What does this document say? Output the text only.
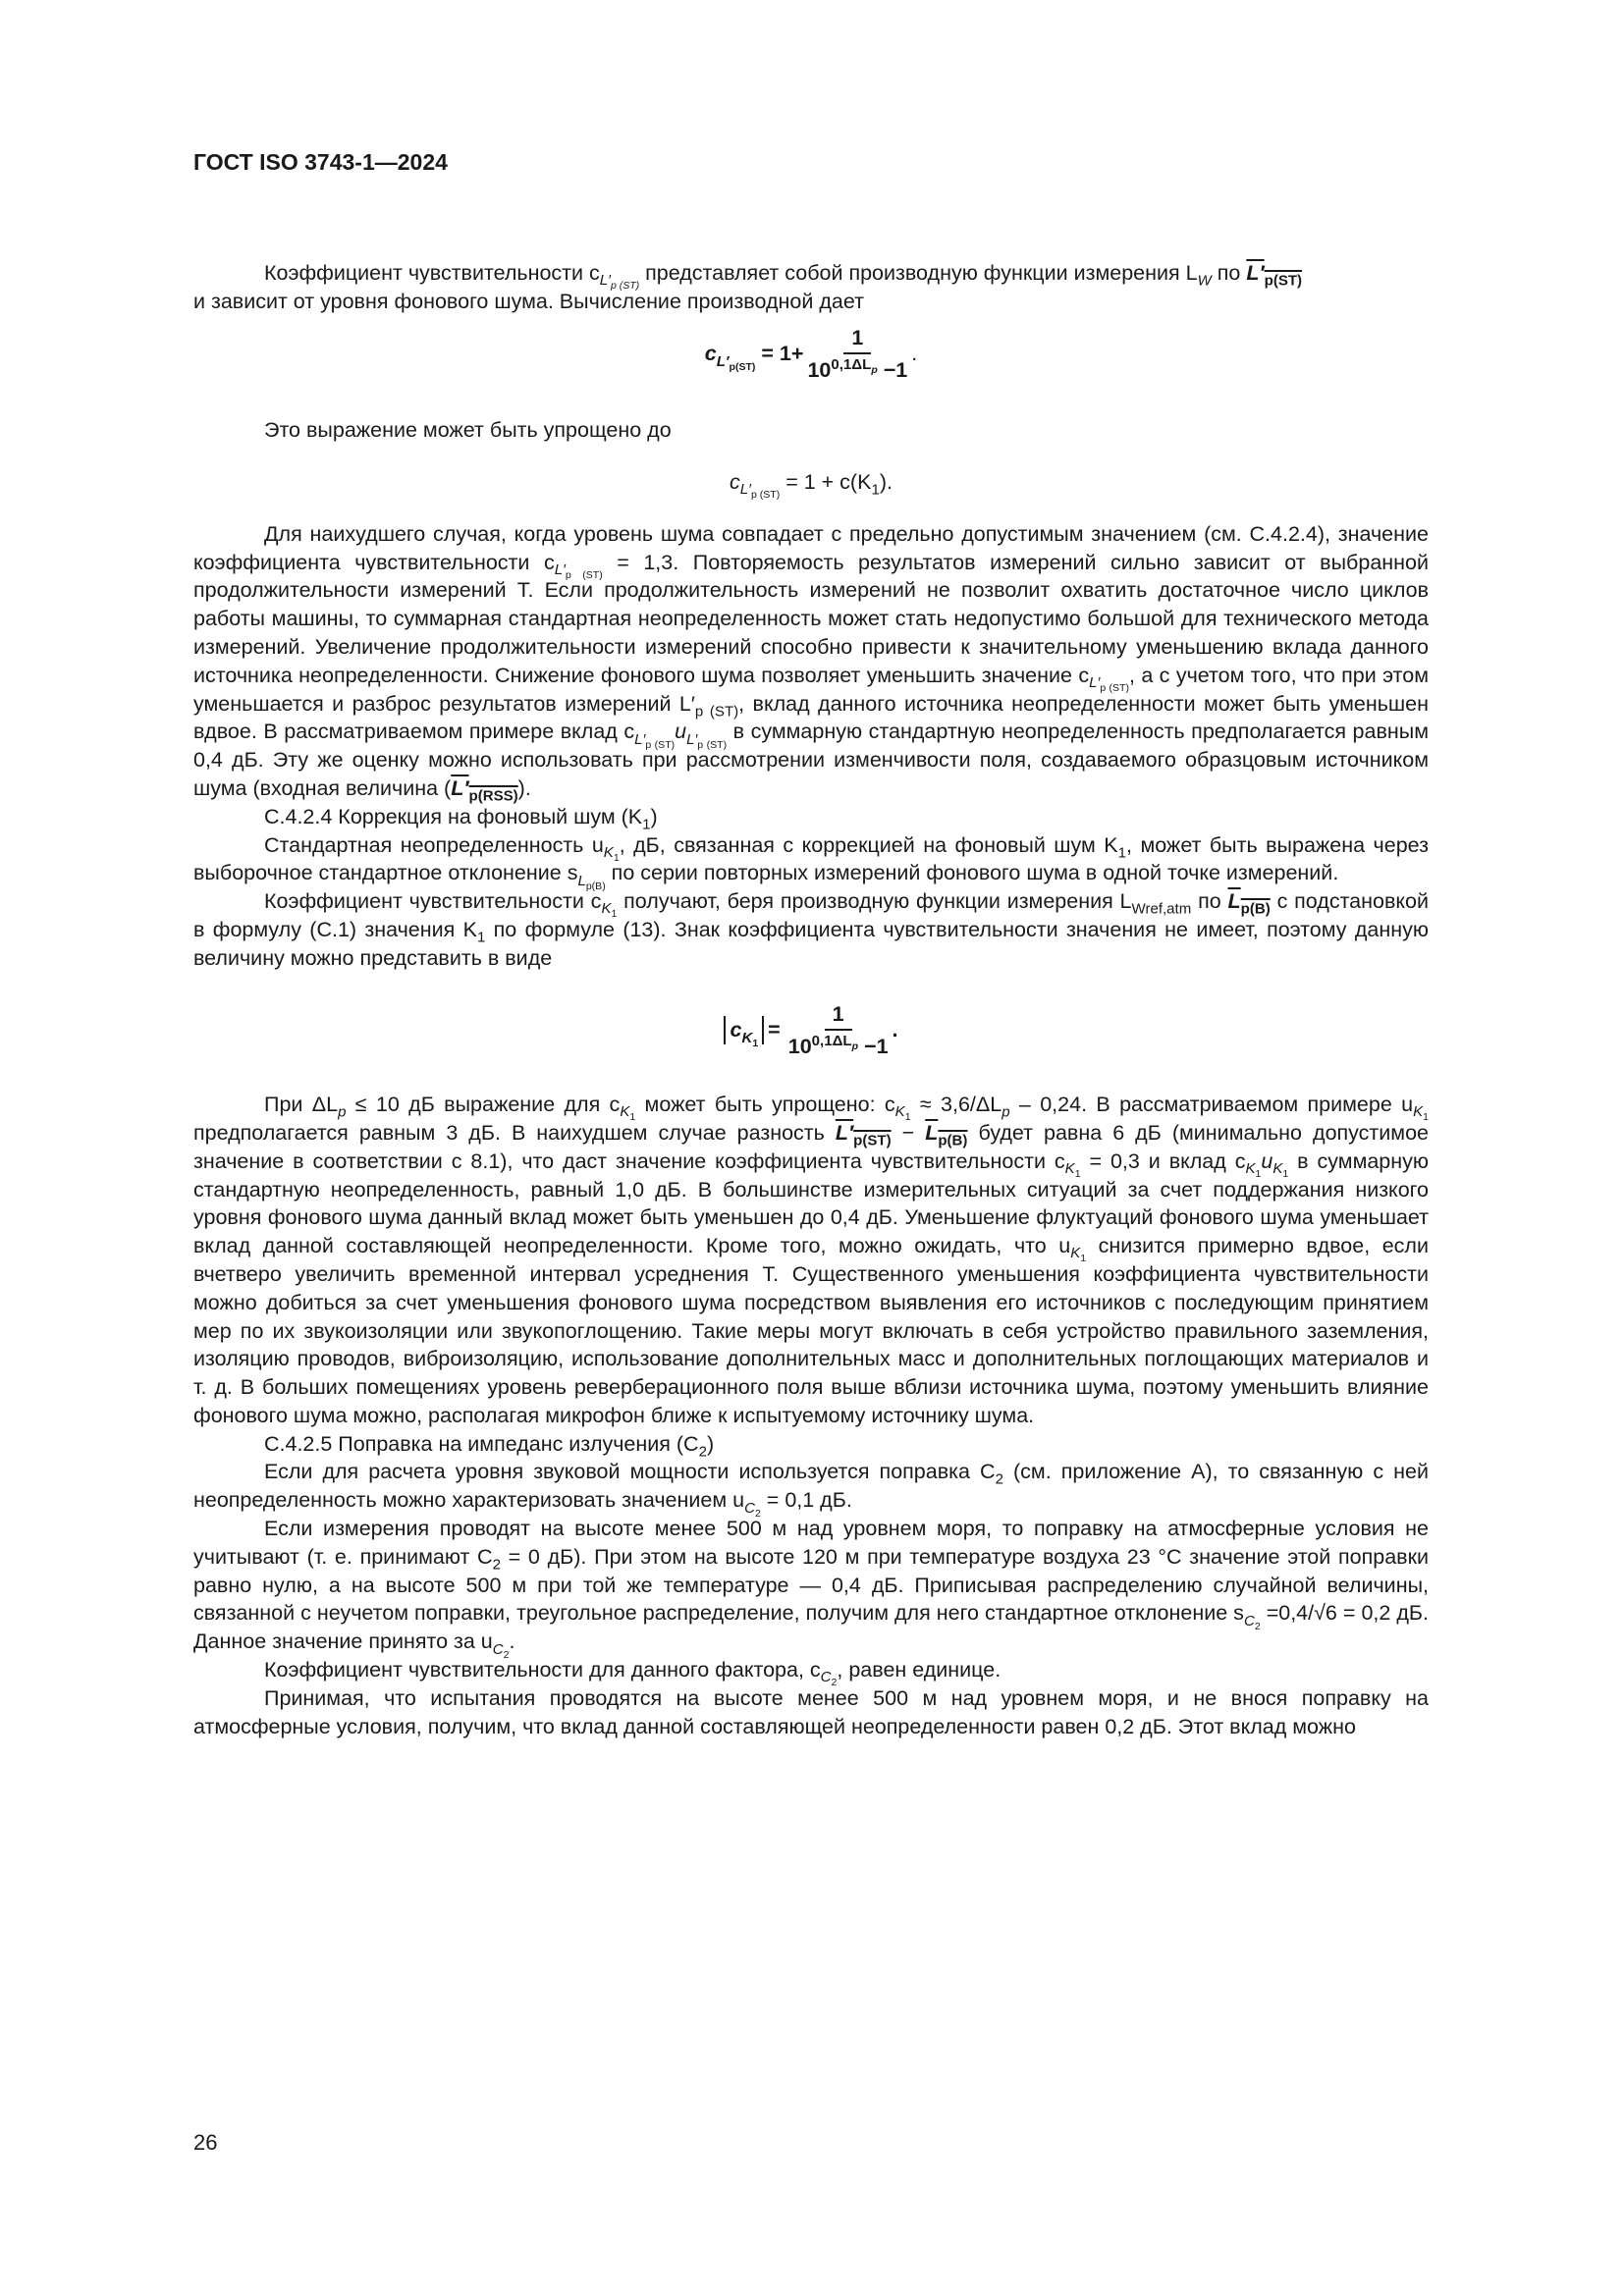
ГОСТ ISO 3743-1—2024

Коэффициент чувствительности $c_{L'_{p (ST)}}$ представляет собой производную функции измерения $L_W$ по $L'_{p(ST)}$
и зависит от уровня фонового шума. Вычисление производной дает

$c_{L'_{p(ST)}}$
= $1+ \frac{1}{10^{0,1\Delta L_p} -1}$ .

Это выражение может быть упрощено до

$c_{L'_{p (ST)}} = 1 + c(K_1)$.

Для наихудшего случая, когда уровень шума совпадает с предельно допустимым значением (см. С.4.2.4), значение коэффициента чувствительности $c_{L'_{p (ST)}} = 1,3$. Повторяемость результатов измерений сильно зависит от выбранной продолжительности измерений T. Если продолжительность измерений не позволит охватить достаточное число циклов работы машины, то суммарная стандартная неопределенность может стать недопустимо большой для технического метода измерений. Увеличение продолжительности измерений способно привести к значительному уменьшению вклада данного источника неопределенности. Снижение фонового шума позволяет уменьшить значение $c_{L'_{p (ST)}}$, а с учетом того, что при этом уменьшается и разброс результатов измерений $L'_{p (ST)}$, вклад данного источника неопределенности может быть уменьшен вдвое. В рассматриваемом примере вклад $c_{L'_{p (ST)}}u_{L'_{p (ST)}}$ в суммарную стандартную неопределенность предполагается равным 0,4 дБ. Эту же оценку можно использовать при рассмотрении изменчивости поля, создаваемого образцовым источником шума (входная величина $(L'_{p(RSS)})$.

С.4.2.4 Коррекция на фоновый шум $(K_1)$

Стандартная неопределенность $u_{K_1}$, дБ, связанная с коррекцией на фоновый шум $K_1$, может быть выражена через выборочное стандартное отклонение $s_{L_{p(B)}}$ по серии повторных измерений фонового шума в одной точке измерений.

Коэффициент чувствительности $c_{K_1}$ получают, беря производную функции измерения $L_{Wref,atm}$ по $L_{p(B)}$ с подстановкой в формулу (С.1) значения $K_1$ по формуле (13). Знак коэффициента чувствительности значения не имеет, поэтому данную величину можно представить в виде

$c_{K_1}$
= $\frac{1}{10^{0,1\Delta L_p} -1}$ .

При $\Delta L_p \le 10$ дБ выражение для $c_{K_1}$ может быть упрощено: $c_{K_1} \approx 3,6/\Delta L_p - 0,24$. В рассматриваемом примере $u_{K_1}$ предполагается равным 3 дБ. В наихудшем случае разность $L'_{p(ST)} - L_{p(B)}$ будет равна 6 дБ (минимально допустимое значение в соответствии с 8.1), что даст значение коэффициента чувствительности $c_{K_1} = 0,3$ и вклад $c_{K_1}u_{K_1}$ в суммарную стандартную неопределенность, равный 1,0 дБ. В большинстве измерительных ситуаций за счет поддержания низкого уровня фонового шума данный вклад может быть уменьшен до 0,4 дБ. Уменьшение флуктуаций фонового шума уменьшает вклад данной составляющей неопределенности. Кроме того, можно ожидать, что $u_{K_1}$ снизится примерно вдвое, если вчетверо увеличить временной интервал усреднения T. Существенного уменьшения коэффициента чувствительности можно добиться за счет уменьшения фонового шума посредством выявления его источников с последующим принятием мер по их звукоизоляции или звукопоглощению. Такие меры могут включать в себя устройство правильного заземления, изоляцию проводов, виброизоляцию, использование дополнительных масс и дополнительных поглощающих материалов и т. д. В больших помещениях уровень реверберационного поля выше вблизи источника шума, поэтому уменьшить влияние фонового шума можно, располагая микрофон ближе к испытуемому источнику шума.

С.4.2.5 Поправка на импеданс излучения $(C_2)$

Если для расчета уровня звуковой мощности используется поправка $C_2$ (см. приложение А), то связанную с ней неопределенность можно характеризовать значением $u_{C_2} = 0,1$ дБ.

Если измерения проводят на высоте менее 500 м над уровнем моря, то поправку на атмосферные условия не учитывают (т. е. принимают $C_2 = 0$ дБ). При этом на высоте 120 м при температуре воздуха 23 °С значение этой поправки равно нулю, а на высоте 500 м при той же температуре — 0,4 дБ. Приписывая распределению случайной величины, связанной с неучетом поправки, треугольное распределение, получим для него стандартное отклонение $s_{C_2} =0,4/√6 = 0,2$ дБ. Данное значение принято за $u_{C_2}$.

Коэффициент чувствительности для данного фактора, $c_{C_2}$, равен единице.

Принимая, что испытания проводятся на высоте менее 500 м над уровнем моря, и не внося поправку на атмосферные условия, получим, что вклад данной составляющей неопределенности равен 0,2 дБ. Этот вклад можно

26
